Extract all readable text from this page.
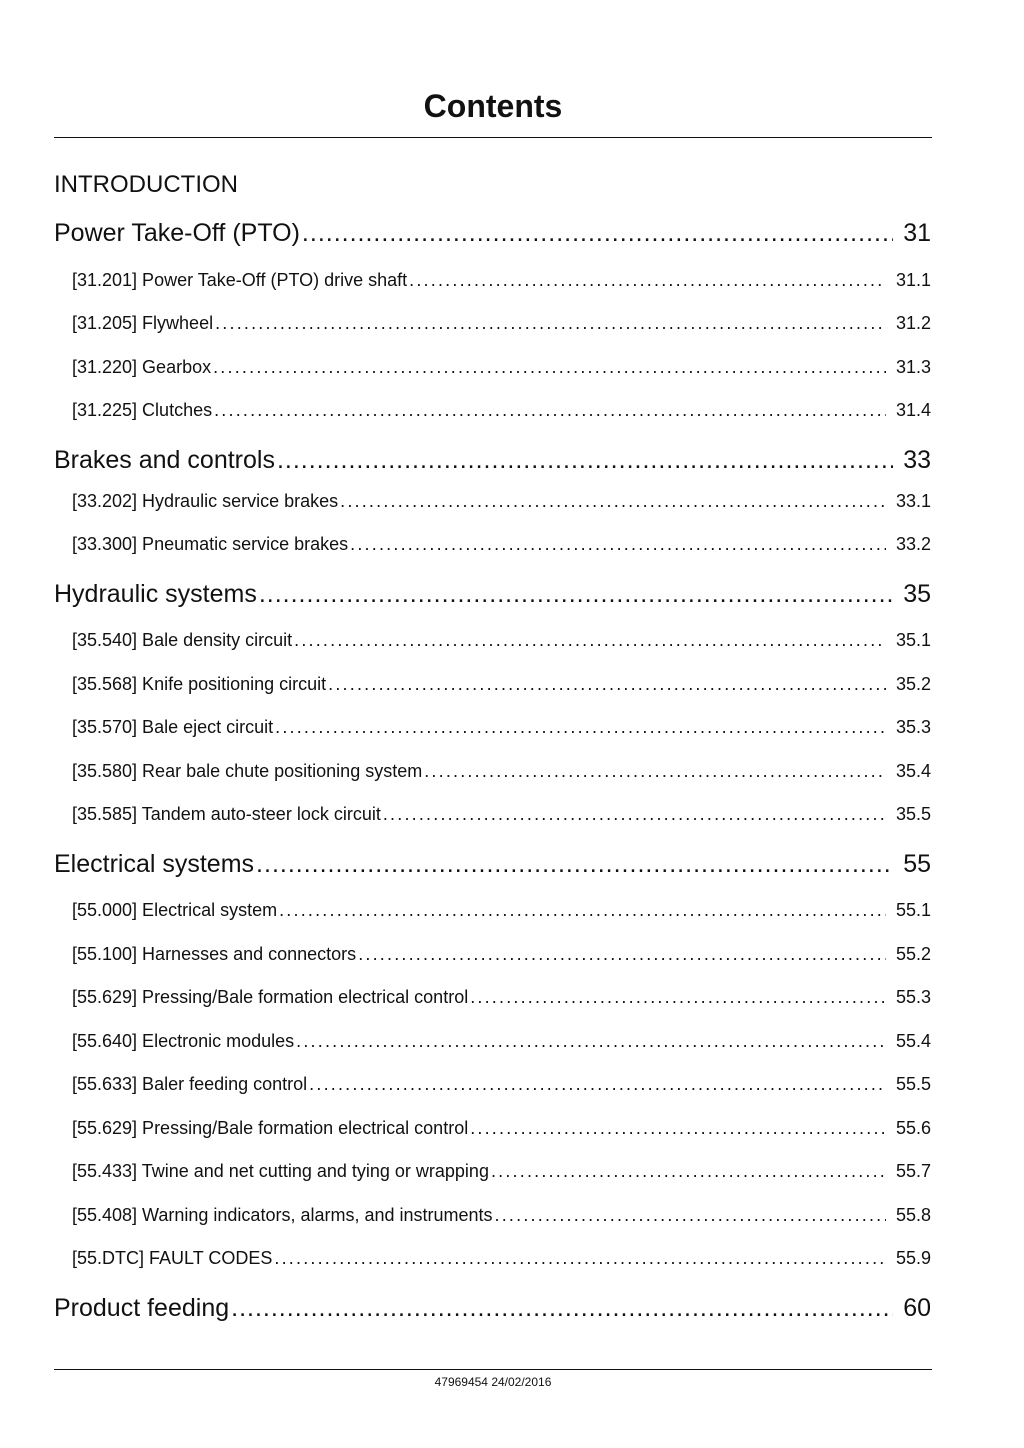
Contents
INTRODUCTION
Power Take-Off (PTO) .....	31
[31.201] Power Take-Off (PTO) drive shaft .....	31.1
[31.205] Flywheel .....	31.2
[31.220] Gearbox .....	31.3
[31.225] Clutches .....	31.4
Brakes and controls .....	33
[33.202] Hydraulic service brakes .....	33.1
[33.300] Pneumatic service brakes .....	33.2
Hydraulic systems .....	35
[35.540] Bale density circuit .....	35.1
[35.568] Knife positioning circuit .....	35.2
[35.570] Bale eject circuit .....	35.3
[35.580] Rear bale chute positioning system .....	35.4
[35.585] Tandem auto-steer lock circuit .....	35.5
Electrical systems .....	55
[55.000] Electrical system .....	55.1
[55.100] Harnesses and connectors .....	55.2
[55.629] Pressing/Bale formation electrical control .....	55.3
[55.640] Electronic modules .....	55.4
[55.633] Baler feeding control .....	55.5
[55.629] Pressing/Bale formation electrical control .....	55.6
[55.433] Twine and net cutting and tying or wrapping .....	55.7
[55.408] Warning indicators, alarms, and instruments .....	55.8
[55.DTC] FAULT CODES .....	55.9
Product feeding .....	60
47969454 24/02/2016
